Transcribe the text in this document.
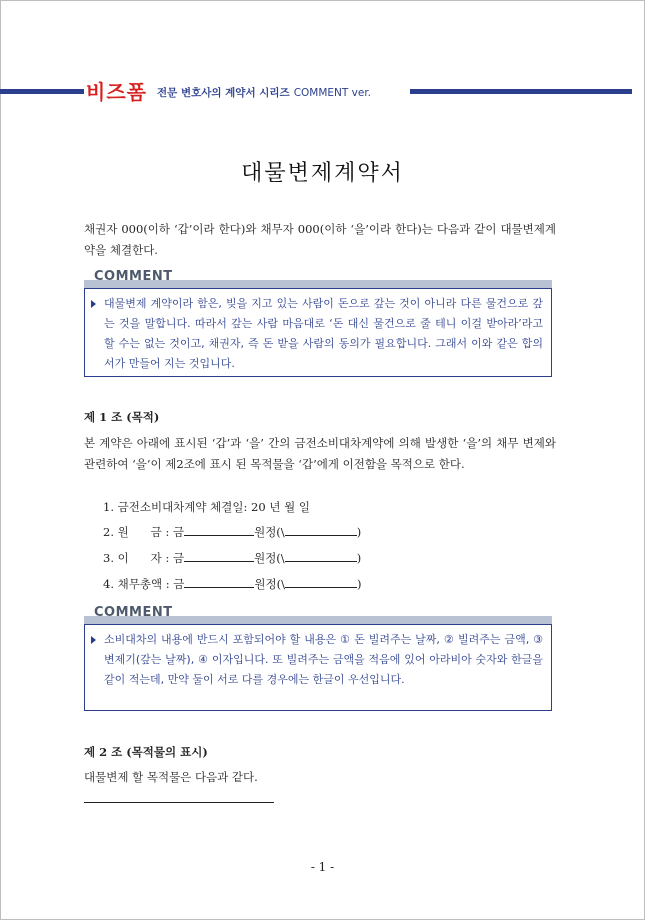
비즈폼 전문 변호사의 계약서 시리즈 COMMENT ver.
대물변제계약서
채권자 000(이하 ‘갑’이라 한다)와 채무자 000(이하 ‘을’이라 한다)는 다음과 같이 대물변제계약을 체결한다.
COMMENT
대물변제 계약이라 함은, 빚을 지고 있는 사람이 돈으로 갚는 것이 아니라 다른 물건으로 갚는 것을 말합니다. 따라서 갚는 사람 마음대로 ‘돈 대신 물건으로 줄 테니 이걸 받아라’라고 할 수는 없는 것이고, 채권자, 즉 돈 받을 사람의 동의가 필요합니다. 그래서 이와 같은 합의서가 만들어 지는 것입니다.
제 1 조 (목적)
본 계약은 아래에 표시된 ‘갑’과 ‘을’ 간의 금전소비대차계약에 의해 발생한 ‘을’의 채무 변제와 관련하여 ‘을’이 제2조에 표시 된 목적물을 ‘갑’에게 이전함을 목적으로 한다.
1. 금전소비대차계약 체결일: 20 년 월 일
2. 원      금 : 금	원정(\	)
3. 이      자 : 금	원정(\	)
4. 채무총액 : 금	원정(\	)
COMMENT
소비대차의 내용에 반드시 포함되어야 할 내용은 ① 돈 빌려주는 날짜, ② 빌려주는 금액, ③ 변제기(갚는 날짜), ④ 이자입니다. 또 빌려주는 금액을 적음에 있어 아라비아 숫자와 한글을 같이 적는데, 만약 둘이 서로 다를 경우에는 한글이 우선입니다.
제 2 조 (목적물의 표시)
대물변제 할 목적물은 다음과 같다.
- 1 -
